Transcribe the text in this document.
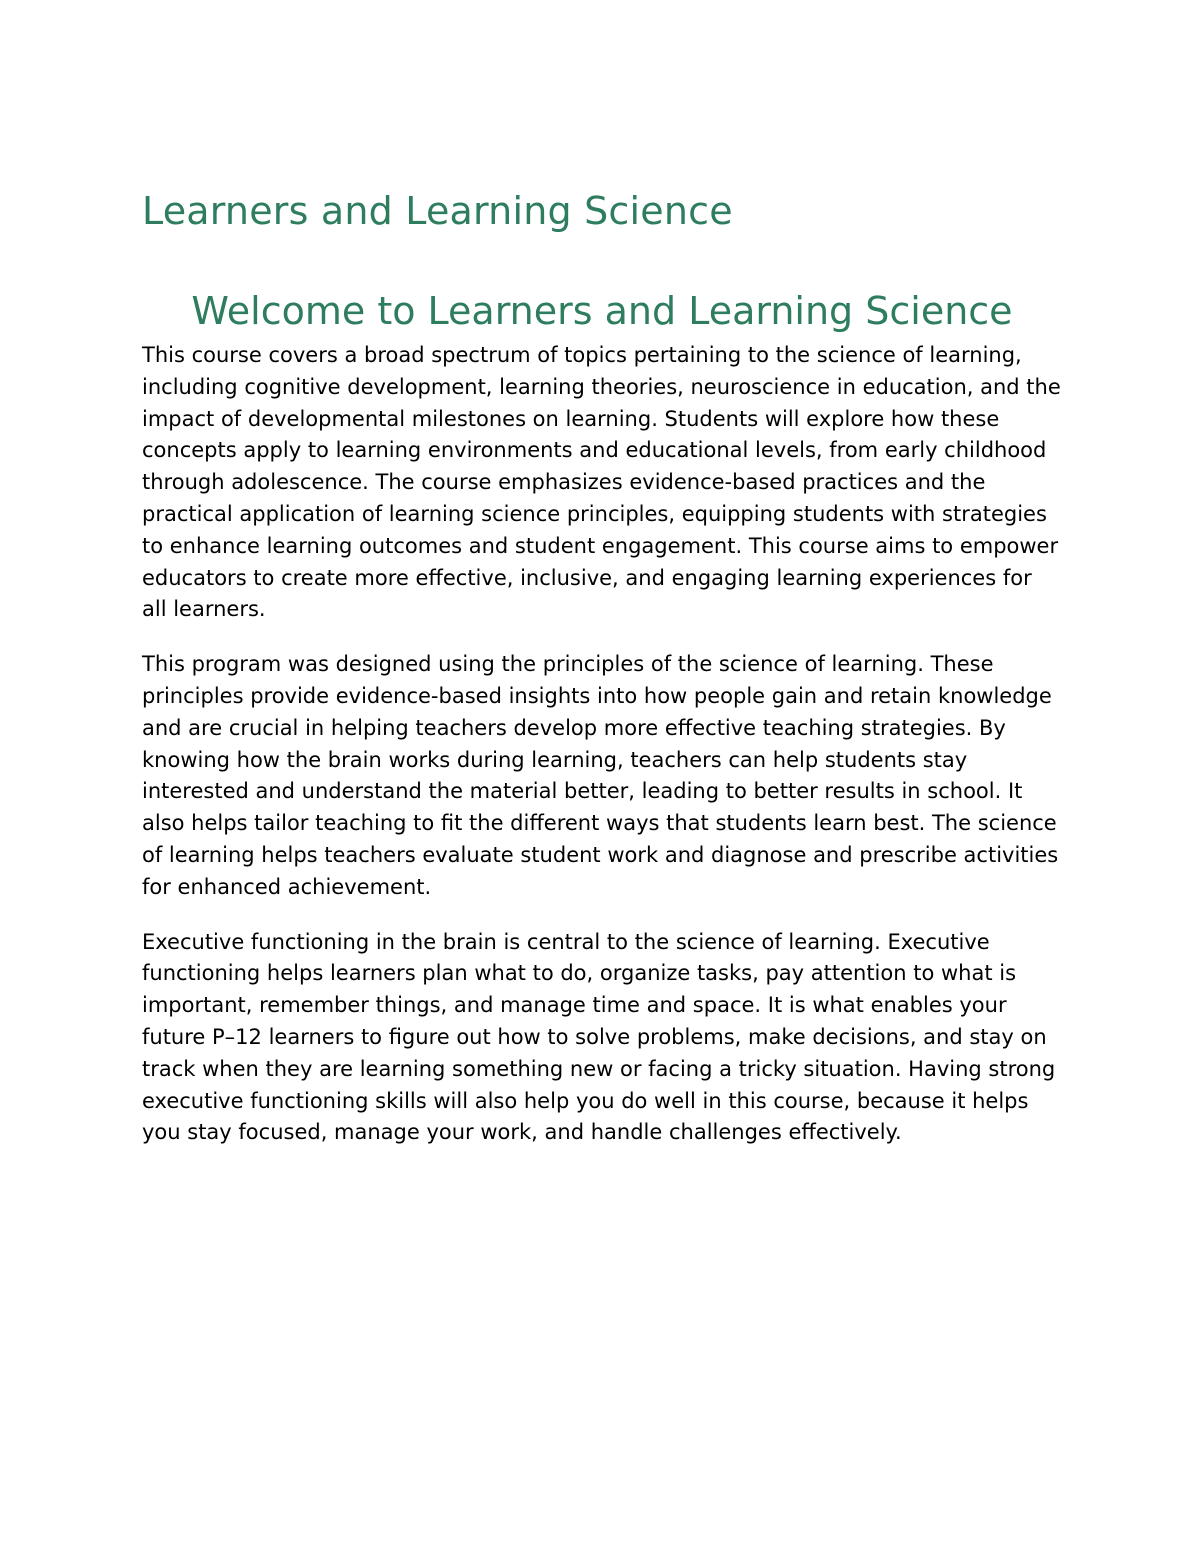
Learners and Learning Science
Welcome to Learners and Learning Science

This course covers a broad spectrum of topics pertaining to the science of learning, including cognitive development, learning theories, neuroscience in education, and the impact of developmental milestones on learning. Students will explore how these concepts apply to learning environments and educational levels, from early childhood through adolescence. The course emphasizes evidence-based practices and the practical application of learning science principles, equipping students with strategies to enhance learning outcomes and student engagement. This course aims to empower educators to create more effective, inclusive, and engaging learning experiences for all learners.

This program was designed using the principles of the science of learning. These principles provide evidence-based insights into how people gain and retain knowledge and are crucial in helping teachers develop more effective teaching strategies. By knowing how the brain works during learning, teachers can help students stay interested and understand the material better, leading to better results in school. It also helps tailor teaching to fit the different ways that students learn best. The science of learning helps teachers evaluate student work and diagnose and prescribe activities for enhanced achievement.

Executive functioning in the brain is central to the science of learning. Executive functioning helps learners plan what to do, organize tasks, pay attention to what is important, remember things, and manage time and space. It is what enables your future P–12 learners to figure out how to solve problems, make decisions, and stay on track when they are learning something new or facing a tricky situation. Having strong executive functioning skills will also help you do well in this course, because it helps you stay focused, manage your work, and handle challenges effectively.
